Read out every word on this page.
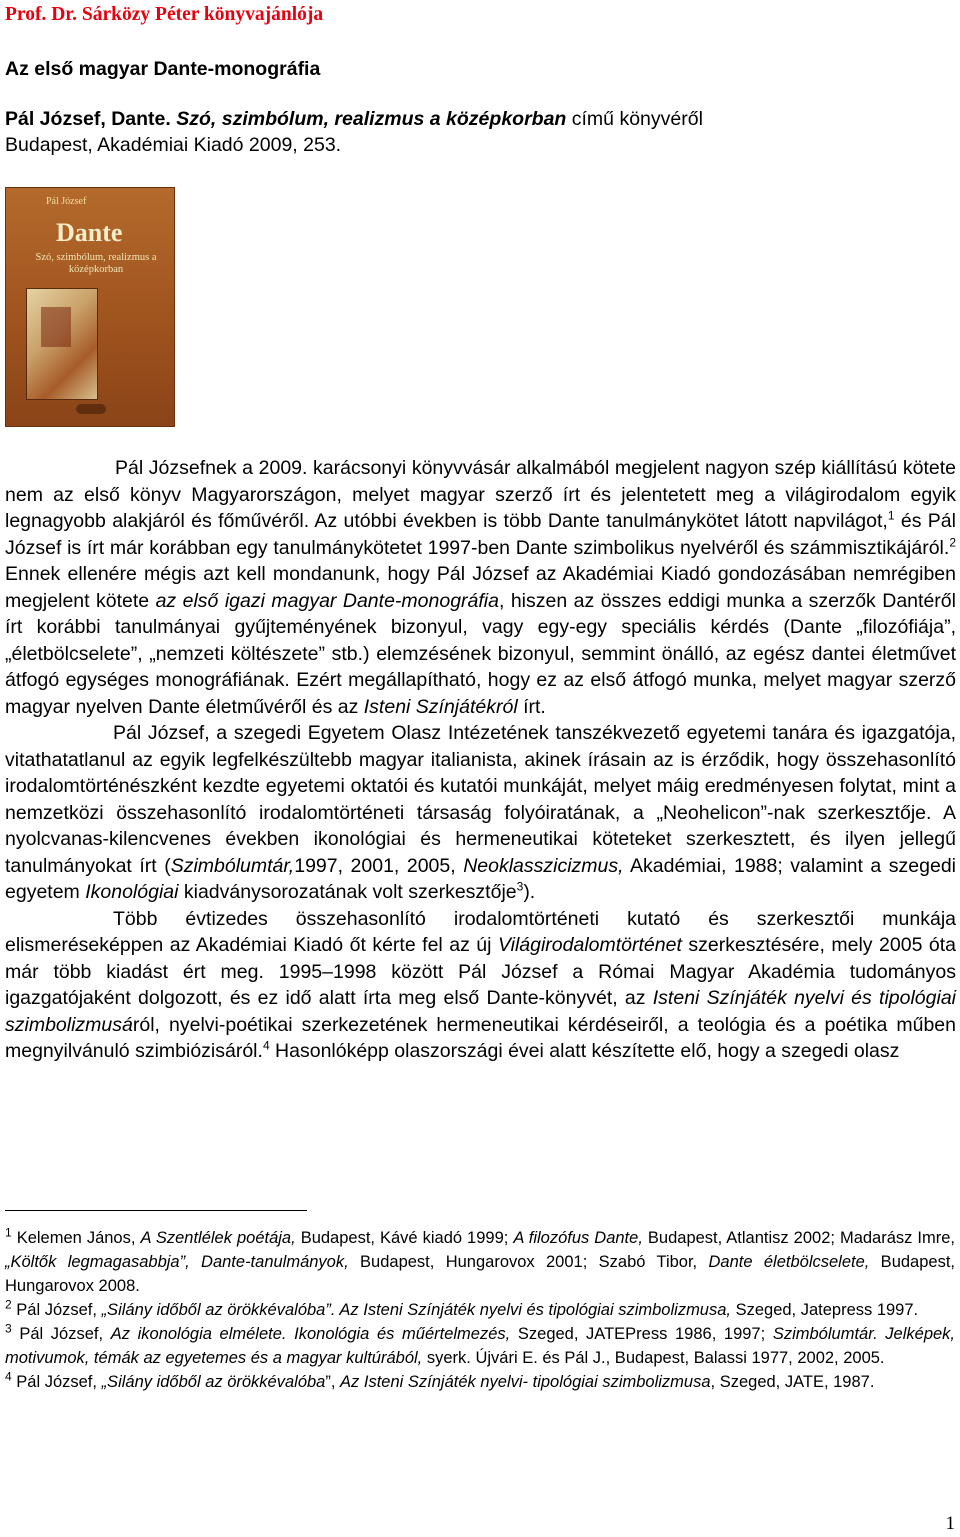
Prof. Dr. Sárközy Péter könyvajánlója
Az első magyar Dante-monográfia
Pál József, Dante. Szó, szimbólum, realizmus a középkorban című könyvéről
Budapest, Akadémiai Kiadó 2009, 253.
Pál József
Dante
Szó, szimbólum, realizmus a középkorban

Pál Józsefnek a 2009. karácsonyi könyvvásár alkalmából megjelent nagyon szép kiállítású kötete nem az első könyv Magyarországon, melyet magyar szerző írt és jelentetett meg a világirodalom egyik legnagyobb alakjáról és főművéről. Az utóbbi években is több Dante tanulmánykötet látott napvilágot,$^1$ és Pál József is írt már korábban egy tanulmánykötetet 1997-ben Dante szimbolikus nyelvéről és számmisztikájáról.$^2$ Ennek ellenére mégis azt kell mondanunk, hogy Pál József az Akadémiai Kiadó gondozásában nemrégiben megjelent kötete az első igazi magyar Dante-monográfia, hiszen az összes eddigi munka a szerzők Dantéről írt korábbi tanulmányai gyűjteményének bizonyul, vagy egy-egy speciális kérdés (Dante „filozófiája”, „életbölcselete”, „nemzeti költészete” stb.) elemzésének bizonyul, semmint önálló, az egész dantei életművet átfogó egységes monográfiának. Ezért megállapítható, hogy ez az első átfogó munka, melyet magyar szerző magyar nyelven Dante életművéről és az Isteni Színjátékról írt.

Pál József, a szegedi Egyetem Olasz Intézetének tanszékvezető egyetemi tanára és igazgatója, vitathatatlanul az egyik legfelkészültebb magyar italianista, akinek írásain az is érződik, hogy összehasonlító irodalomtörténészként kezdte egyetemi oktatói és kutatói munkáját, melyet máig eredményesen folytat, mint a nemzetközi összehasonlító irodalomtörténeti társaság folyóiratának, a „Neohelicon”-nak szerkesztője. A nyolcvanas-kilencvenes években ikonológiai és hermeneutikai köteteket szerkesztett, és ilyen jellegű tanulmányokat írt (Szimbólumtár,1997, 2001, 2005, Neoklasszicizmus, Akadémiai, 1988; valamint a szegedi egyetem Ikonológiai kiadványsorozatának volt szerkesztője$^3$).

Több évtizedes összehasonlító irodalomtörténeti kutató és szerkesztői munkája elismeréseképpen az Akadémiai Kiadó őt kérte fel az új Világirodalomtörténet szerkesztésére, mely 2005 óta már több kiadást ért meg. 1995–1998 között Pál József a Római Magyar Akadémia tudományos igazgatójaként dolgozott, és ez idő alatt írta meg első Dante-könyvét, az Isteni Színjáték nyelvi és tipológiai szimbolizmusáról, nyelvi-poétikai szerkezetének hermeneutikai kérdéseiről, a teológia és a poétika műben megnyilvánuló szimbiózisáról.$^4$ Hasonlóképp olaszországi évei alatt készítette elő, hogy a szegedi olasz

$^1$ Kelemen János, A Szentlélek poétája, Budapest, Kávé kiadó 1999; A filozófus Dante, Budapest, Atlantisz 2002; Madarász Imre, „Költők legmagasabbja”, Dante-tanulmányok, Budapest, Hungarovox 2001; Szabó Tibor, Dante életbölcselete, Budapest, Hungarovox 2008.

$^2$ Pál József, „Silány időből az örökkévalóba”. Az Isteni Színjáték nyelvi és tipológiai szimbolizmusa, Szeged, Jatepress 1997.

$^3$ Pál József, Az ikonológia elmélete. Ikonológia és műértelmezés, Szeged, JATEPress 1986, 1997; Szimbólumtár. Jelképek, motivumok, témák az egyetemes és a magyar kultúrából, syerk. Újvári E. és Pál J., Budapest, Balassi 1977, 2002, 2005.

$^4$ Pál József, „Silány időből az örökkévalóba”, Az Isteni Színjáték nyelvi- tipológiai szimbolizmusa, Szeged, JATE, 1987.

1
